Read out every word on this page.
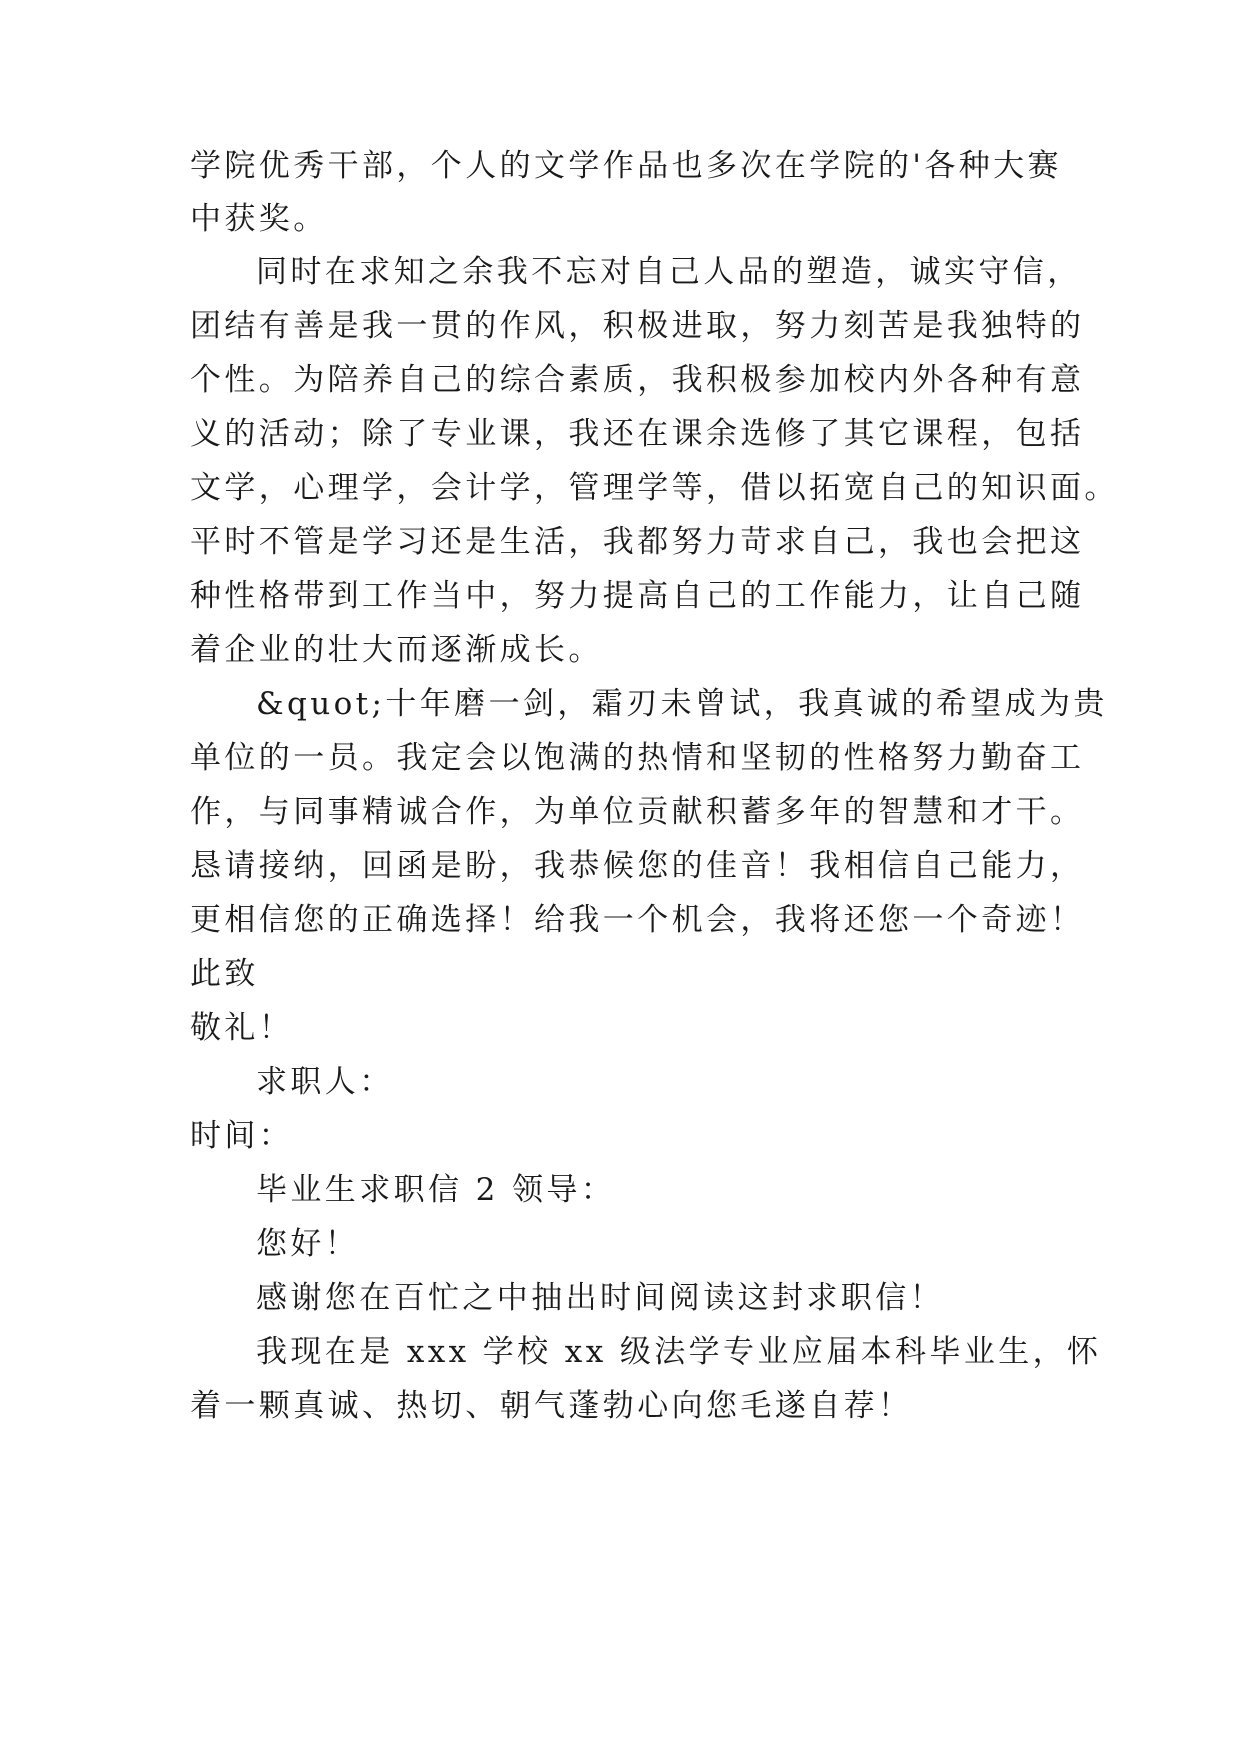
学院优秀干部，个人的文学作品也多次在学院的'各种大赛
中获奖。
同时在求知之余我不忘对自己人品的塑造，诚实守信，
团结有善是我一贯的作风，积极进取，努力刻苦是我独特的
个性。为陪养自己的综合素质，我积极参加校内外各种有意
义的活动；除了专业课，我还在课余选修了其它课程，包括
文学，心理学，会计学，管理学等，借以拓宽自己的知识面。
平时不管是学习还是生活，我都努力苛求自己，我也会把这
种性格带到工作当中，努力提高自己的工作能力，让自己随
着企业的壮大而逐渐成长。
&quot;十年磨一剑，霜刃未曾试，我真诚的希望成为贵
单位的一员。我定会以饱满的热情和坚韧的性格努力勤奋工
作，与同事精诚合作，为单位贡献积蓄多年的智慧和才干。
恳请接纳，回函是盼，我恭候您的佳音！我相信自己能力，
更相信您的正确选择！给我一个机会，我将还您一个奇迹！
此致
敬礼！
求职人：
时间：
毕业生求职信 2 领导：
您好！
感谢您在百忙之中抽出时间阅读这封求职信！
我现在是 xxx 学校 xx 级法学专业应届本科毕业生，怀
着一颗真诚、热切、朝气蓬勃心向您毛遂自荐！
